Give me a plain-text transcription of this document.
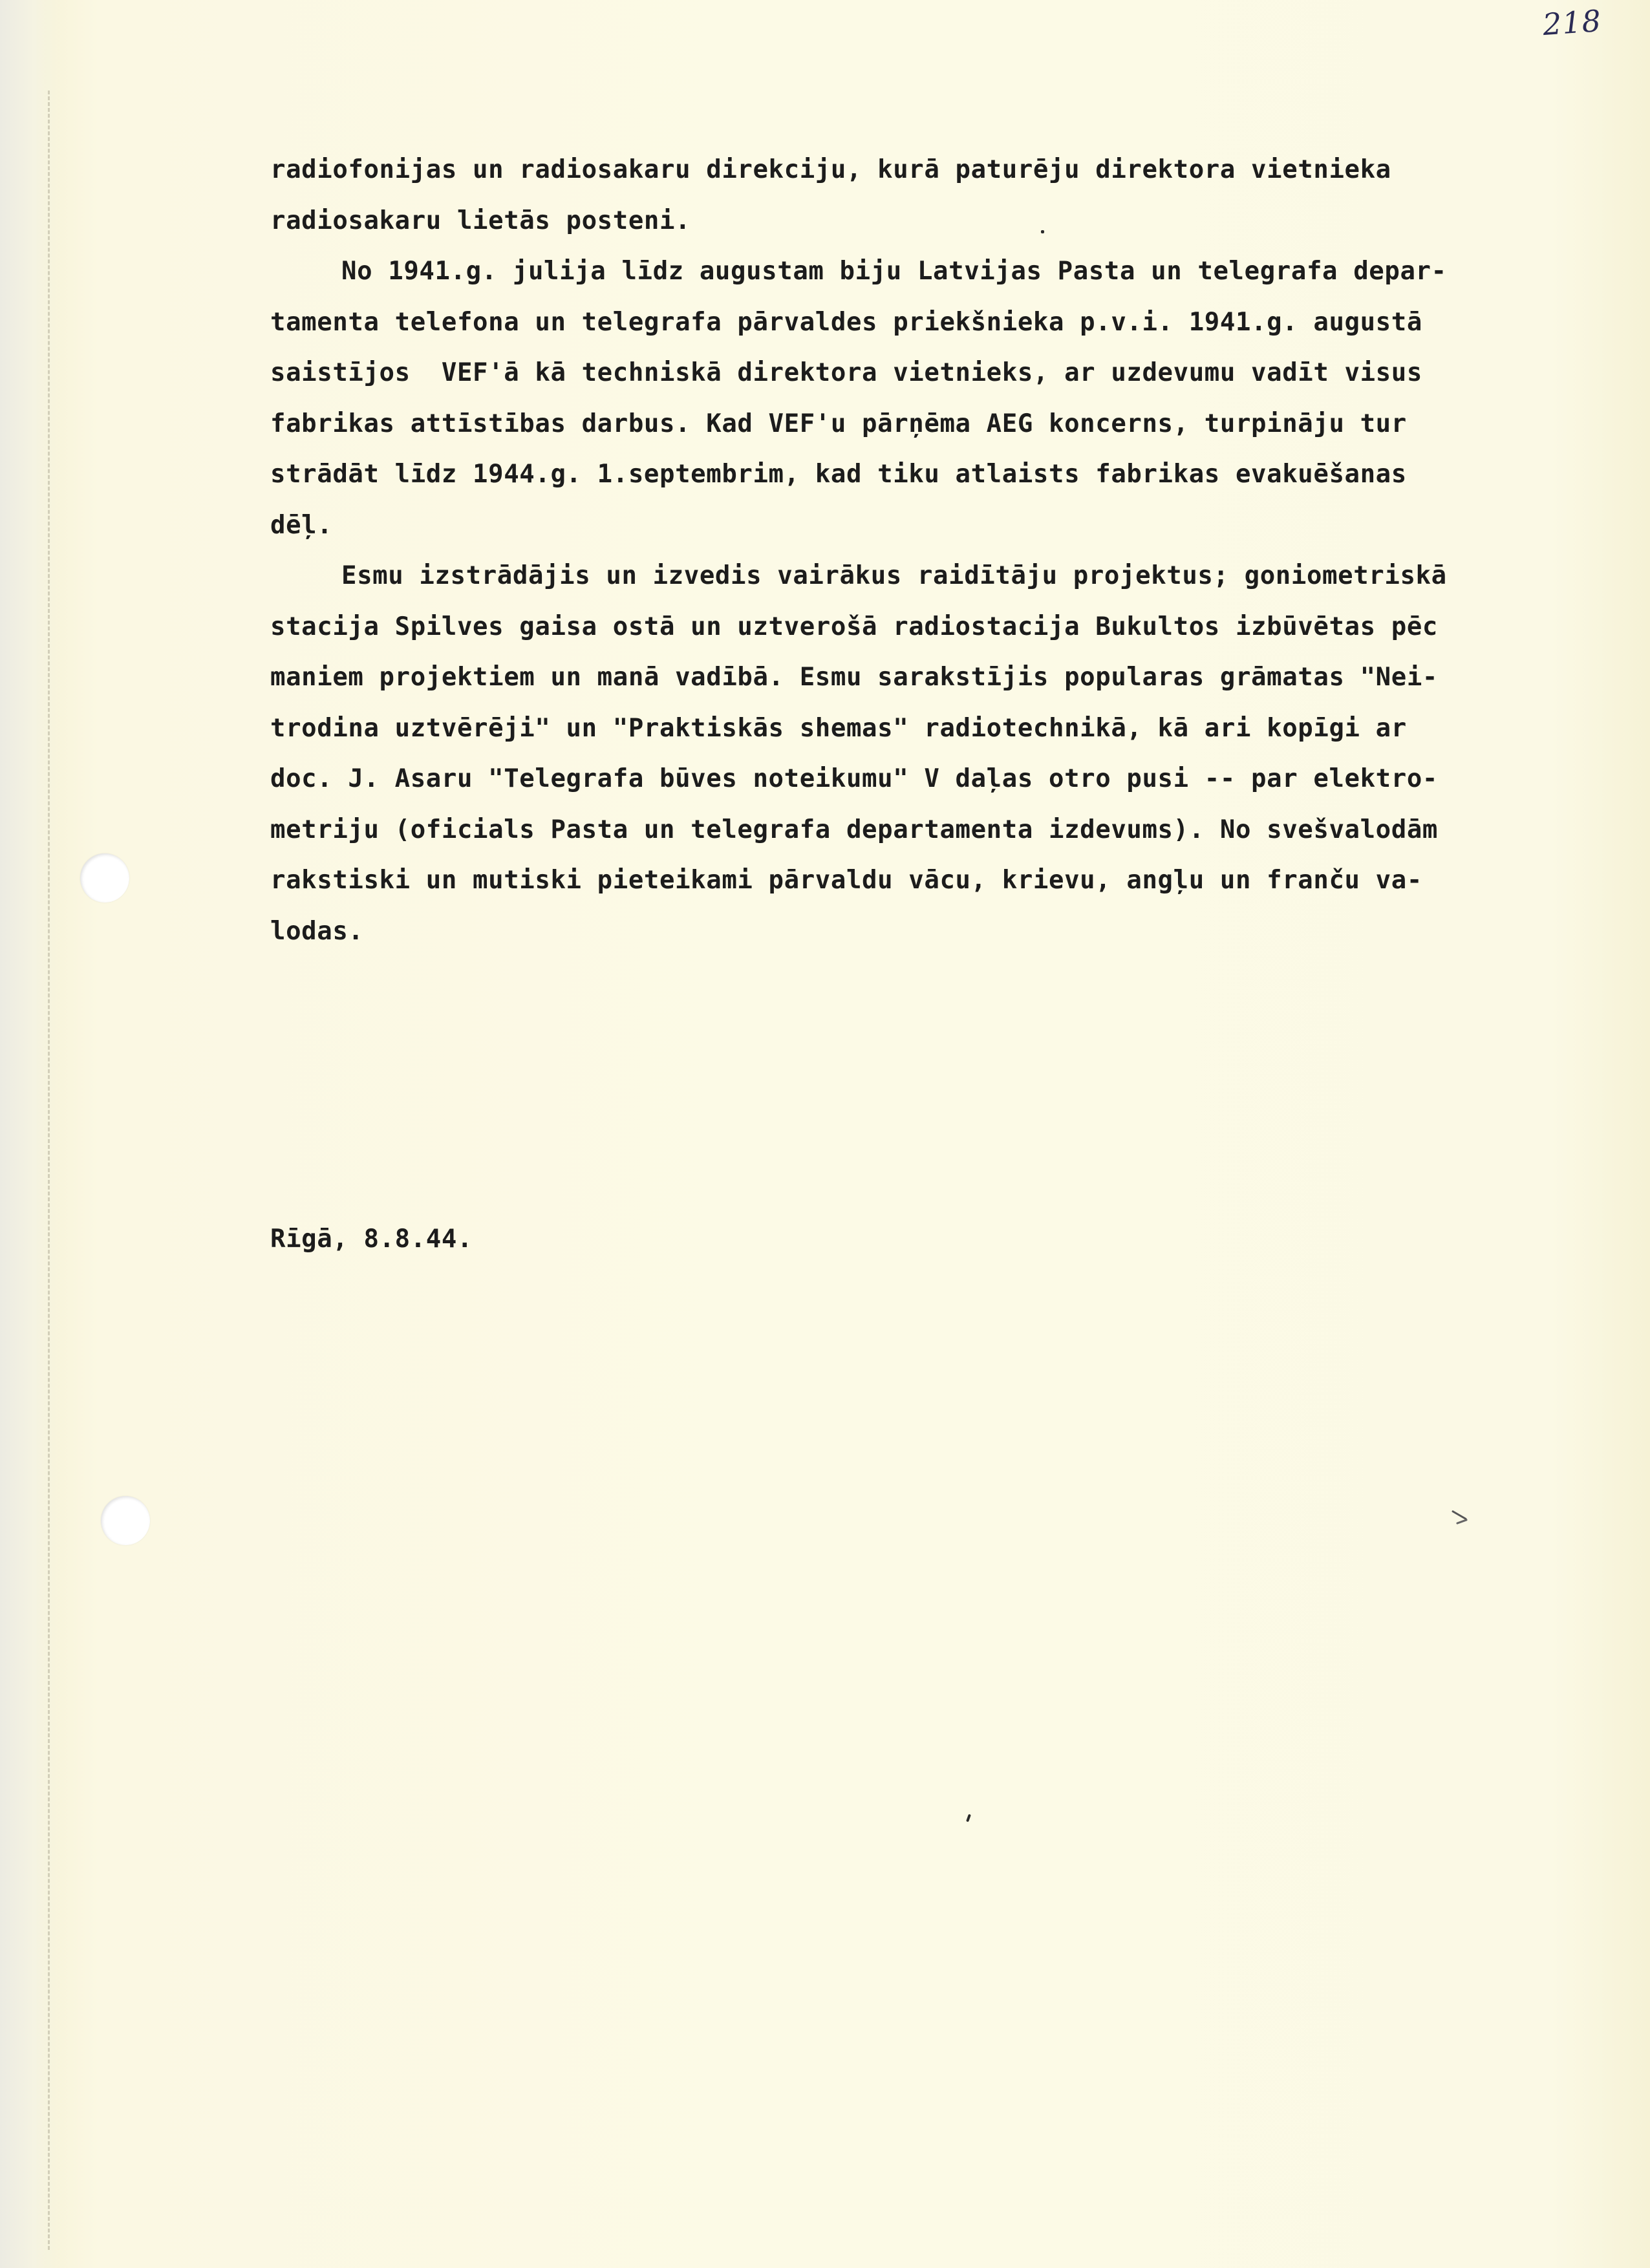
218
radiofonijas un radiosakaru direkciju, kurā paturēju direktora vietnieka
radiosakaru lietās posteni.
No 1941.g. julija līdz augustam biju Latvijas Pasta un telegrafa depar-
tamenta telefona un telegrafa pārvaldes priekšnieka p.v.i. 1941.g. augustā
saistījos  VEF'ā kā techniskā direktora vietnieks, ar uzdevumu vadīt visus
fabrikas attīstības darbus. Kad VEF'u pārņēma AEG koncerns, turpināju tur
strādāt līdz 1944.g. 1.septembrim, kad tiku atlaists fabrikas evakuēšanas
dēļ.
Esmu izstrādājis un izvedis vairākus raidītāju projektus; goniometriskā
stacija Spilves gaisa ostā un uztverošā radiostacija Bukultos izbūvētas pēc
maniem projektiem un manā vadībā. Esmu sarakstījis popularas grāmatas "Nei-
trodina uztvērēji" un "Praktiskās shemas" radiotechnikā, kā ari kopīgi ar
doc. J. Asaru "Telegrafa būves noteikumu" V daļas otro pusi -- par elektro-
metriju (oficials Pasta un telegrafa departamenta izdevums). No svešvalodām
rakstiski un mutiski pieteikami pārvaldu vācu, krievu, angļu un franču va-
lodas.
Rīgā, 8.8.44.
